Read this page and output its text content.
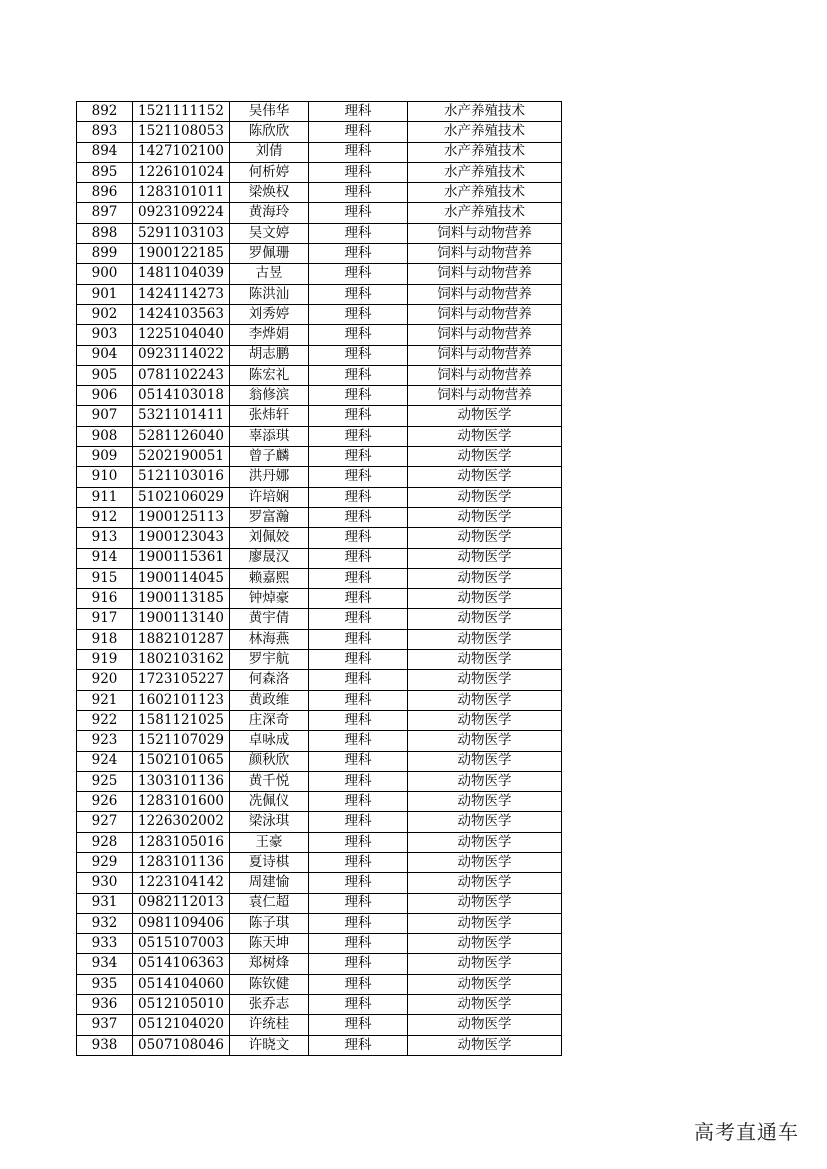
892	1521111152	吴伟华	理科	水产养殖技术
893	1521108053	陈欣欣	理科	水产养殖技术
894	1427102100	刘倩	理科	水产养殖技术
895	1226101024	何析婷	理科	水产养殖技术
896	1283101011	梁焕权	理科	水产养殖技术
897	0923109224	黄海玲	理科	水产养殖技术
898	5291103103	吴文婷	理科	饲料与动物营养
899	1900122185	罗佩珊	理科	饲料与动物营养
900	1481104039	古昱	理科	饲料与动物营养
901	1424114273	陈洪汕	理科	饲料与动物营养
902	1424103563	刘秀婷	理科	饲料与动物营养
903	1225104040	李烨娟	理科	饲料与动物营养
904	0923114022	胡志鹏	理科	饲料与动物营养
905	0781102243	陈宏礼	理科	饲料与动物营养
906	0514103018	翁修滨	理科	饲料与动物营养
907	5321101411	张炜轩	理科	动物医学
908	5281126040	辜添琪	理科	动物医学
909	5202190051	曾子麟	理科	动物医学
910	5121103016	洪丹娜	理科	动物医学
911	5102106029	许培娴	理科	动物医学
912	1900125113	罗富瀚	理科	动物医学
913	1900123043	刘佩姣	理科	动物医学
914	1900115361	廖晟汉	理科	动物医学
915	1900114045	赖嘉熙	理科	动物医学
916	1900113185	钟焯豪	理科	动物医学
917	1900113140	黄宇倩	理科	动物医学
918	1882101287	林海燕	理科	动物医学
919	1802103162	罗宇航	理科	动物医学
920	1723105227	何森洛	理科	动物医学
921	1602101123	黄政维	理科	动物医学
922	1581121025	庄深奇	理科	动物医学
923	1521107029	卓咏成	理科	动物医学
924	1502101065	颜秋欣	理科	动物医学
925	1303101136	黄千悦	理科	动物医学
926	1283101600	冼佩仪	理科	动物医学
927	1226302002	梁泳琪	理科	动物医学
928	1283105016	王豪	理科	动物医学
929	1283101136	夏诗棋	理科	动物医学
930	1223104142	周建愉	理科	动物医学
931	0982112013	袁仁超	理科	动物医学
932	0981109406	陈子琪	理科	动物医学
933	0515107003	陈天坤	理科	动物医学
934	0514106363	郑树烽	理科	动物医学
935	0514104060	陈钦健	理科	动物医学
936	0512105010	张乔志	理科	动物医学
937	0512104020	许统桂	理科	动物医学
938	0507108046	许晓文	理科	动物医学
高考直通车
